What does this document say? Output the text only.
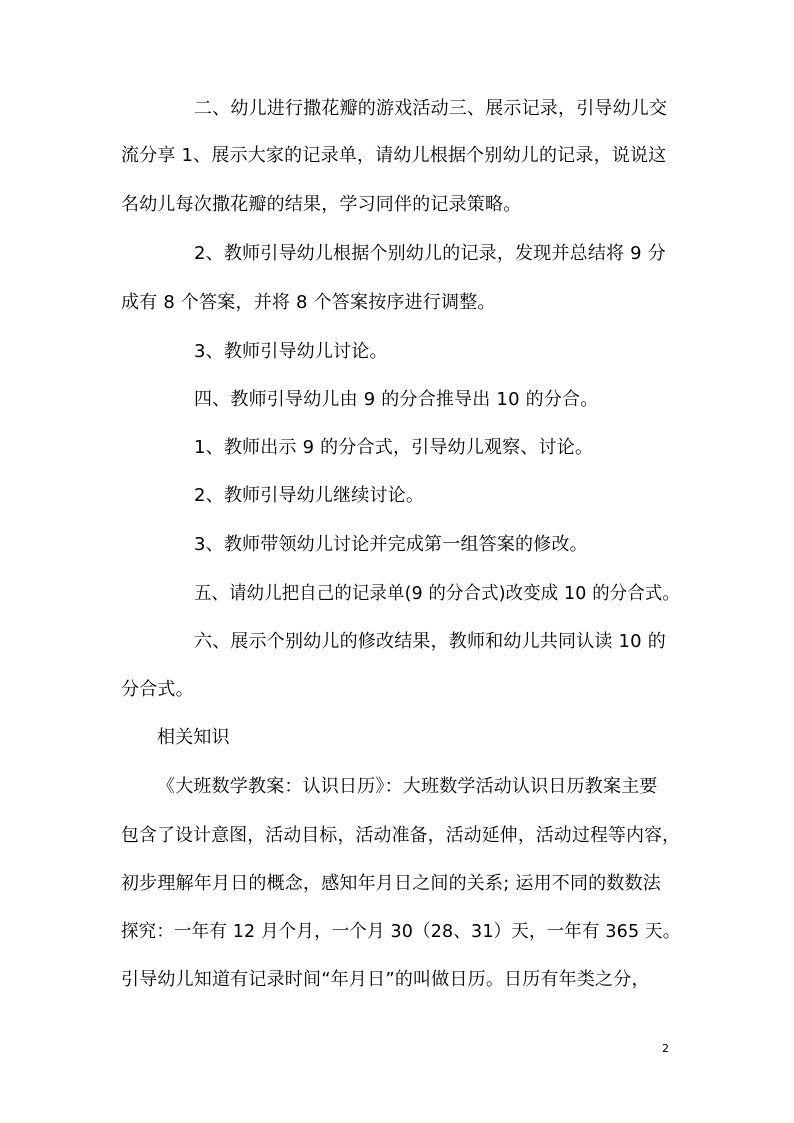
二、幼儿进行撒花瓣的游戏活动三、展示记录，引导幼儿交
流分享 1、展示大家的记录单，请幼儿根据个别幼儿的记录，说说这
名幼儿每次撒花瓣的结果，学习同伴的记录策略。
2、教师引导幼儿根据个别幼儿的记录，发现并总结将 9 分
成有 8 个答案，并将 8 个答案按序进行调整。
3、教师引导幼儿讨论。
四、教师引导幼儿由 9 的分合推导出 10 的分合。
1、教师出示 9 的分合式，引导幼儿观察、讨论。
2、教师引导幼儿继续讨论。
3、教师带领幼儿讨论并完成第一组答案的修改。
五、请幼儿把自己的记录单(9 的分合式)改变成 10 的分合式。
六、展示个别幼儿的修改结果，教师和幼儿共同认读 10 的
分合式。
相关知识
《大班数学教案：认识日历》：大班数学活动认识日历教案主要
包含了设计意图，活动目标，活动准备，活动延伸，活动过程等内容，
初步理解年月日的概念，感知年月日之间的关系; 运用不同的数数法
探究：一年有 12 月个月，一个月 30（28、31）天，一年有 365 天。
引导幼儿知道有记录时间“年月日”的叫做日历。日历有年类之分，
2
